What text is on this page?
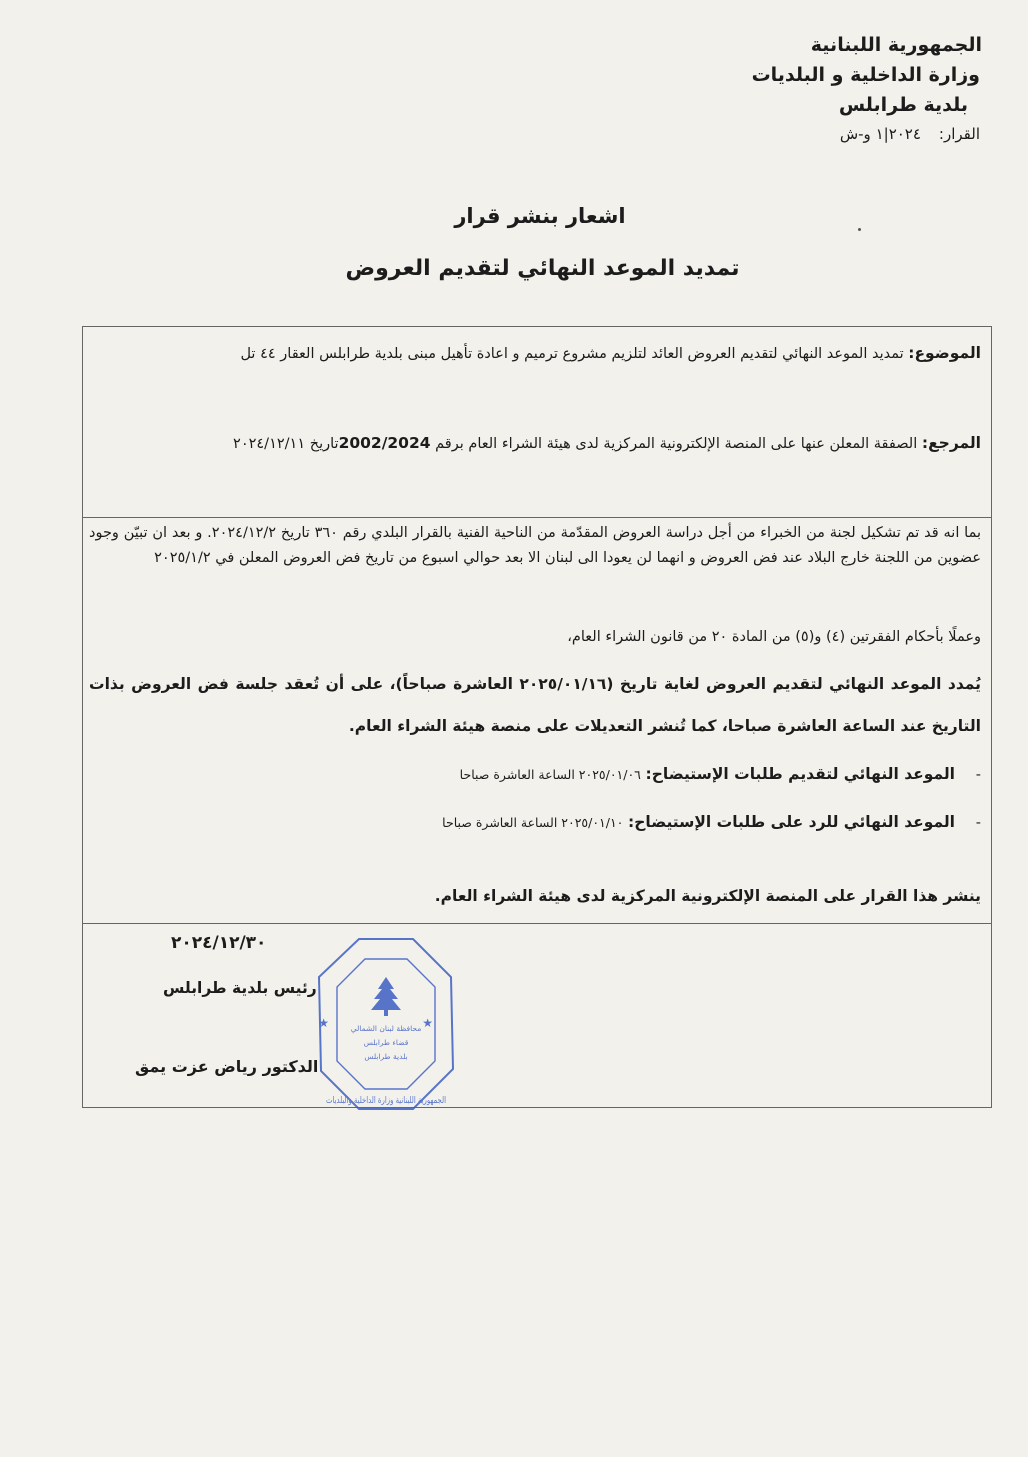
الجمهورية اللبنانية
وزارة الداخلية و البلديات
بلدية طرابلس
القرار:٢٠٢٤|١ و-ش
اشعار بنشر قرار
تمديد الموعد النهائي لتقديم العروض
الموضوع: تمديد الموعد النهائي لتقديم العروض العائد لتلزيم مشروع ترميم و اعادة تأهيل مبنى بلدية طرابلس العقار ٤٤ تل
المرجع: الصفقة المعلن عنها على المنصة الإلكترونية المركزية لدى هيئة الشراء العام برقم 2002/2024تاريخ ٢٠٢٤/١٢/١١
بما انه قد تم تشكيل لجنة من الخبراء من أجل دراسة العروض المقدّمة من الناحية الفنية بالقرار البلدي رقم ٣٦٠ تاريخ ٢٠٢٤/١٢/٢. و بعد ان تبيّن وجود عضوين من اللجنة خارج البلاد عند فض العروض و انهما لن يعودا الى لبنان الا بعد حوالي اسبوع من تاريخ فض العروض المعلن في ٢٠٢٥/١/٢
وعملًا بأحكام الفقرتين (٤) و(٥) من المادة ٢٠ من قانون الشراء العام،
يُمدد الموعد النهائي لتقديم العروض لغاية تاريخ (٢٠٢٥/٠١/١٦ العاشرة صباحاً)، على أن تُعقد جلسة فض العروض بذات التاريخ عند الساعة العاشرة صباحا، كما تُنشر التعديلات على منصة هيئة الشراء العام.
-الموعد النهائي لتقديم طلبات الإستيضاح: ٢٠٢٥/٠١/٠٦ الساعة العاشرة صباحا
-الموعد النهائي للرد على طلبات الإستيضاح: ٢٠٢٥/٠١/١٠ الساعة العاشرة صباحا
ينشر هذا القرار على المنصة الإلكترونية المركزية لدى هيئة الشراء العام.
٢٠٢٤/١٢/٣٠
رئيس بلدية طرابلس
الدكتور رياض عزت يمق
محافظة لبنان الشمالي
قضاء طرابلس
بلدية طرابلس
الجمهورية اللبنانية وزارة الداخلية والبلديات
★	★
